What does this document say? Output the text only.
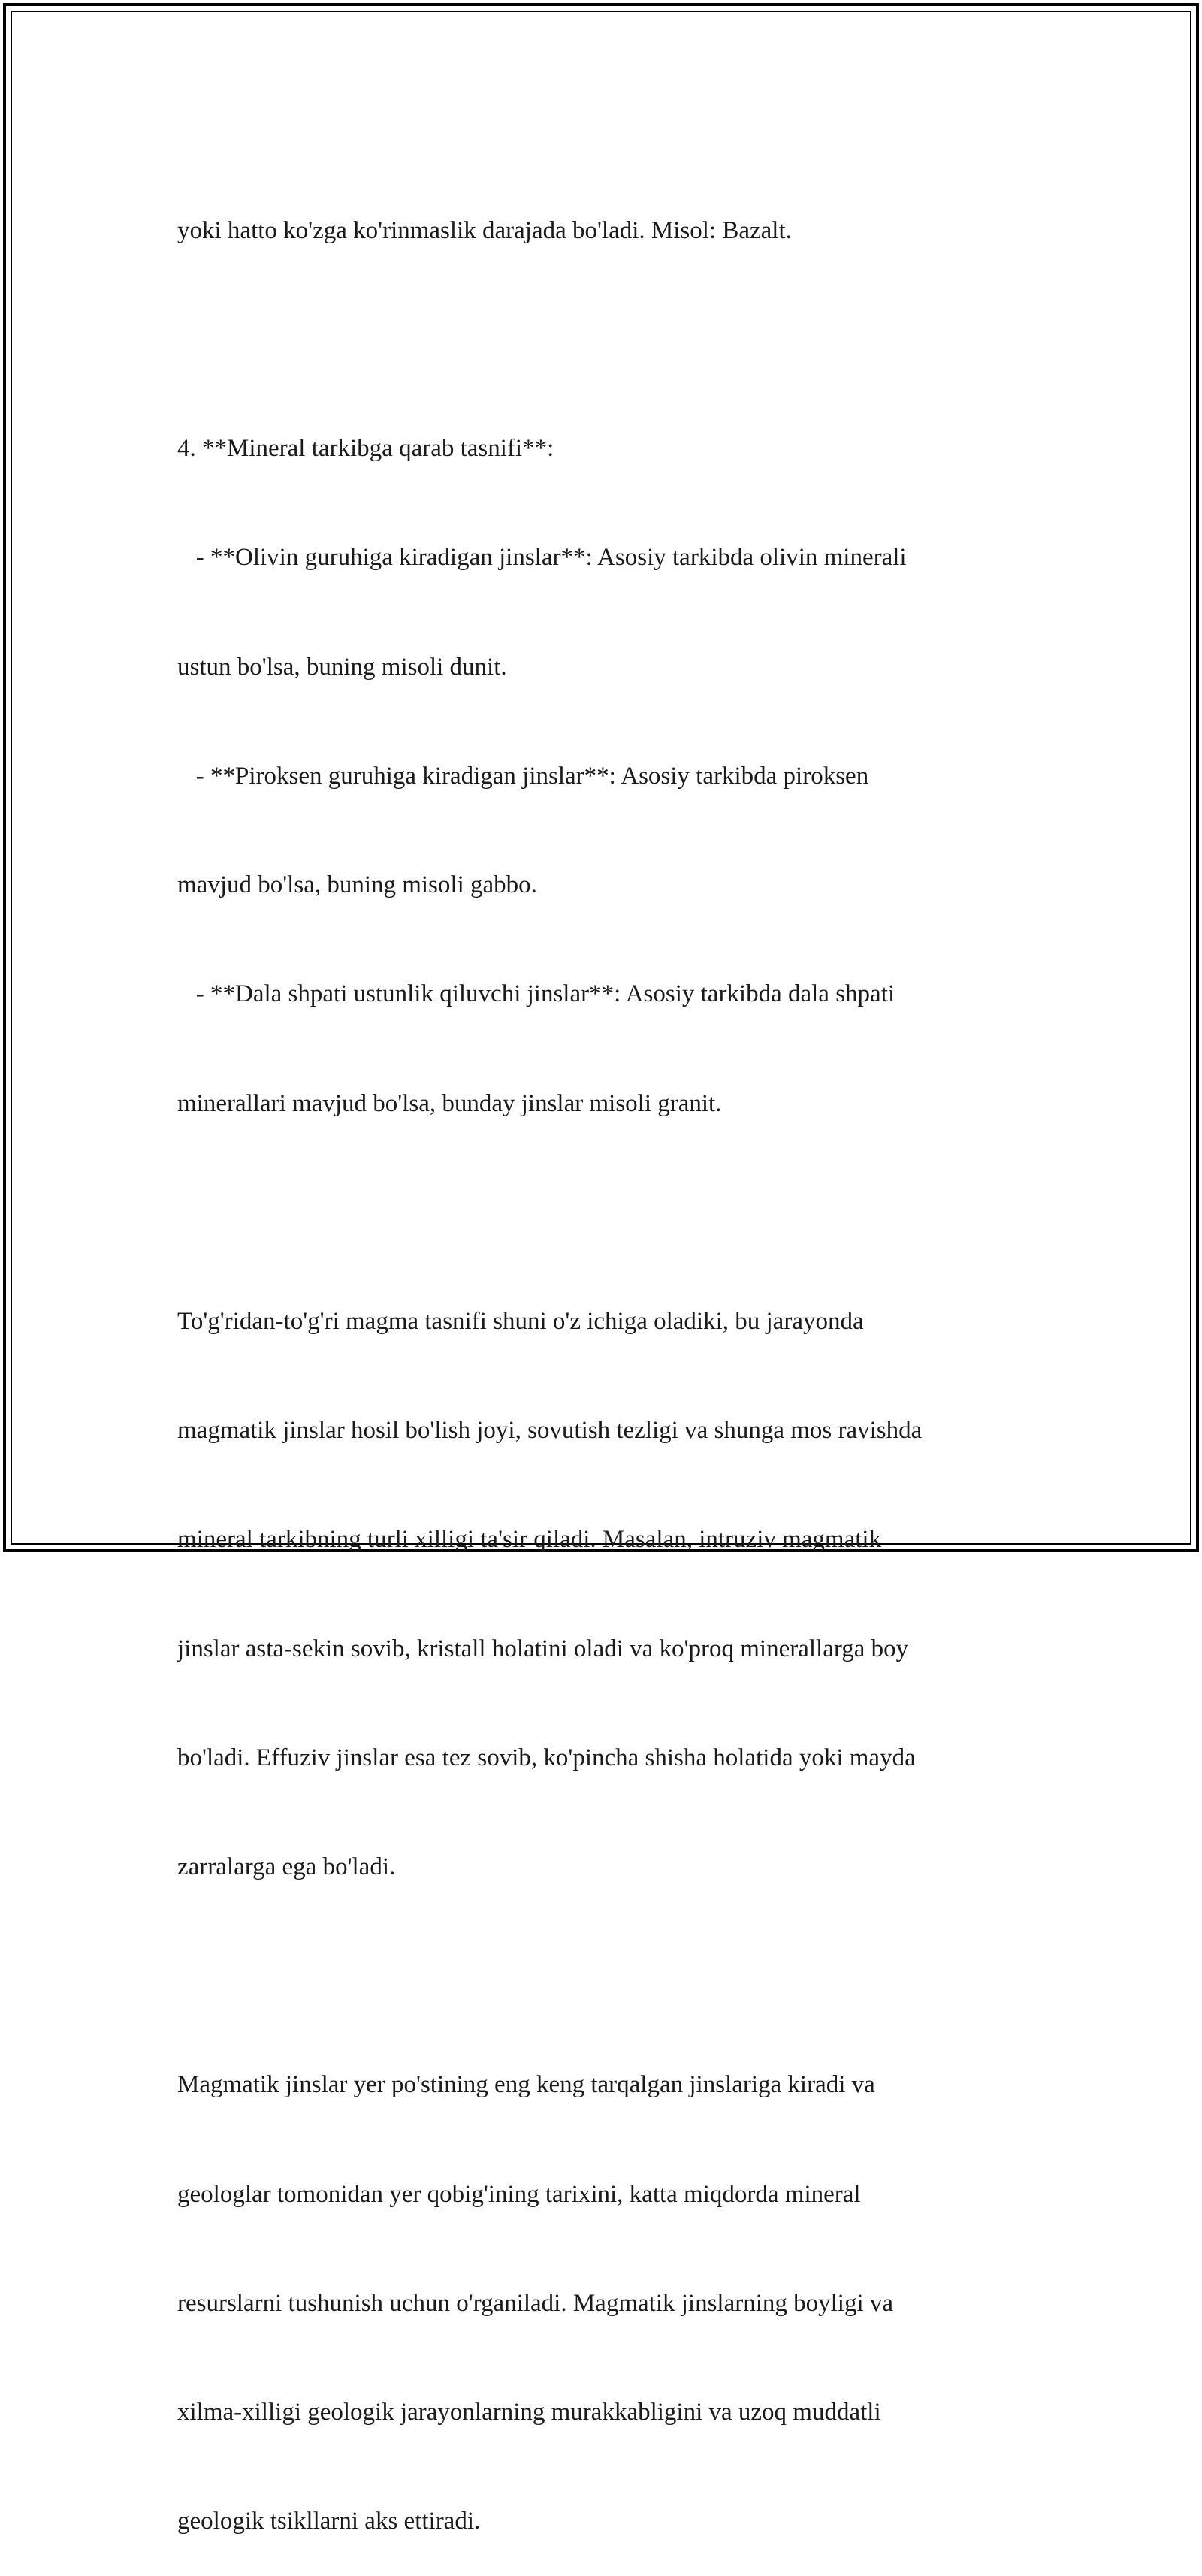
yoki hatto ko'zga ko'rinmaslik darajada bo'ladi. Misol: Bazalt.

4. **Mineral tarkibga qarab tasnifi**:

- **Olivin guruhiga kiradigan jinslar**: Asosiy tarkibda olivin minerali

ustun bo'lsa, buning misoli dunit.

- **Piroksen guruhiga kiradigan jinslar**: Asosiy tarkibda piroksen

mavjud bo'lsa, buning misoli gabbo.

- **Dala shpati ustunlik qiluvchi jinslar**: Asosiy tarkibda dala shpati

minerallari mavjud bo'lsa, bunday jinslar misoli granit.

To'g'ridan-to'g'ri magma tasnifi shuni o'z ichiga oladiki, bu jarayonda

magmatik jinslar hosil bo'lish joyi, sovutish tezligi va shunga mos ravishda

mineral tarkibning turli xilligi ta'sir qiladi. Masalan, intruziv magmatik

jinslar asta-sekin sovib, kristall holatini oladi va ko'proq minerallarga boy

bo'ladi. Effuziv jinslar esa tez sovib, ko'pincha shisha holatida yoki mayda

zarralarga ega bo'ladi.

Magmatik jinslar yer po'stining eng keng tarqalgan jinslariga kiradi va

geologlar tomonidan yer qobig'ining tarixini, katta miqdorda mineral

resurslarni tushunish uchun o'rganiladi. Magmatik jinslarning boyligi va

xilma-xilligi geologik jarayonlarning murakkabligini va uzoq muddatli

geologik tsikllarni aks ettiradi.
